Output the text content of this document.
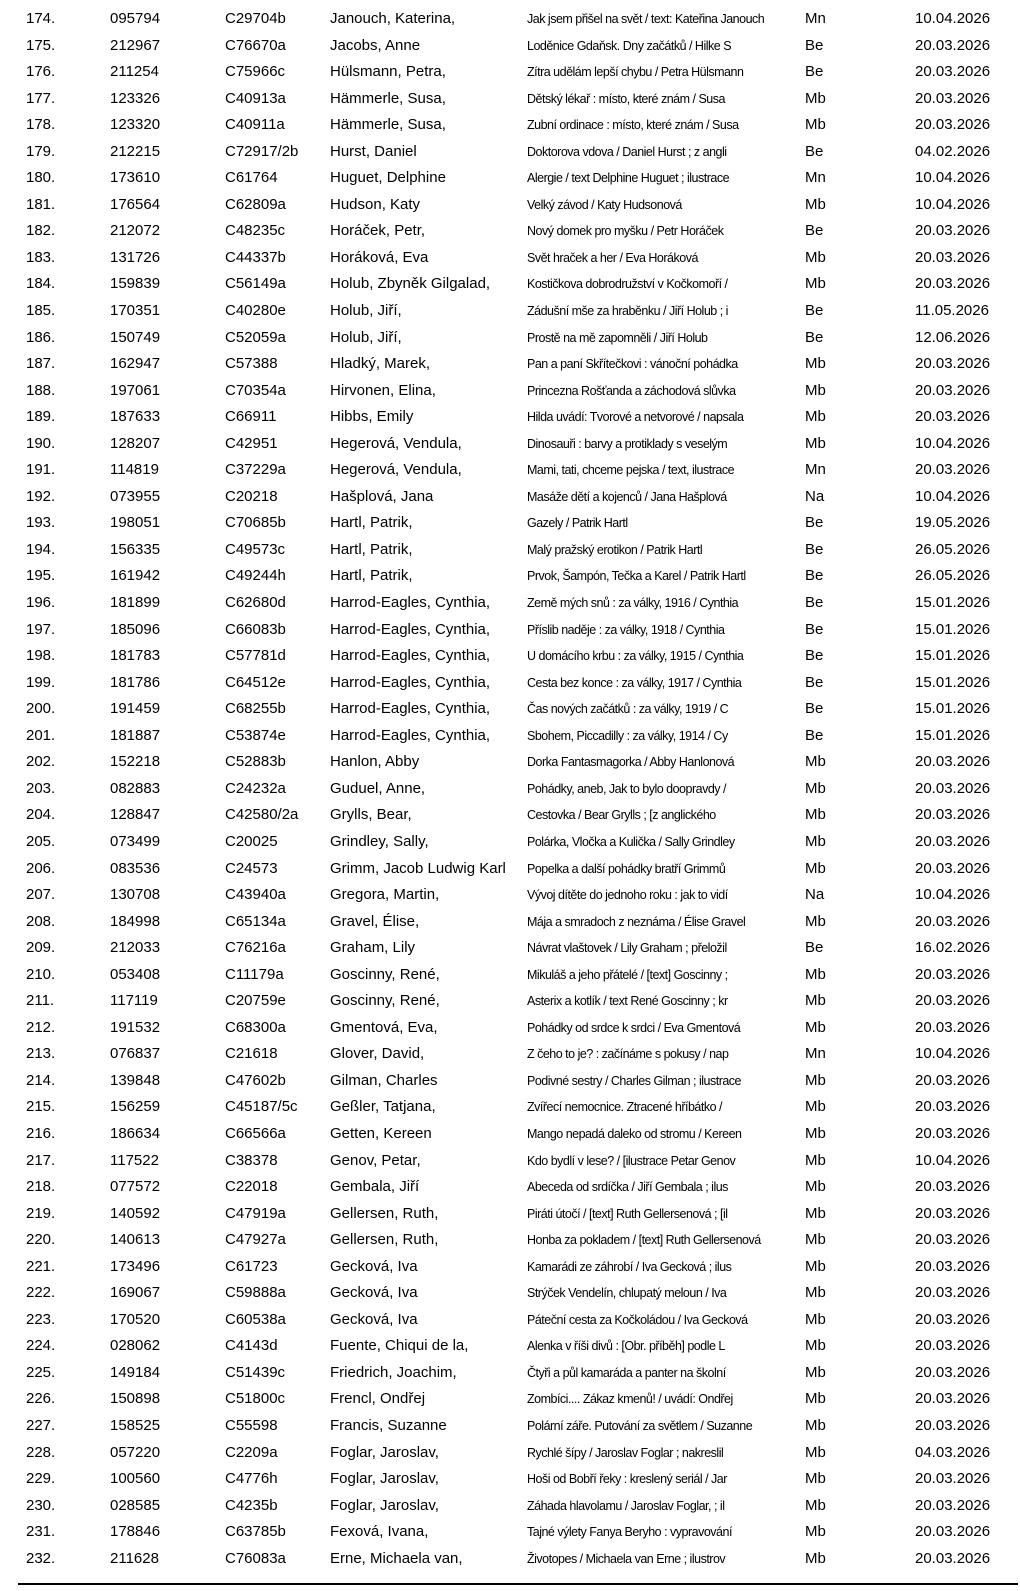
174.	095794	C29704b	Janouch, Katerina,	Jak jsem přišel na svět / text: Kateřina Janouch	Mn	10.04.2026
175.	212967	C76670a	Jacobs, Anne	Loděnice Gdaňsk. Dny začátků / Hilke S	Be	20.03.2026
176.	211254	C75966c	Hülsmann, Petra,	Zítra udělám lepší chybu / Petra Hülsmann	Be	20.03.2026
177.	123326	C40913a	Hämmerle, Susa,	Dětský lékař : místo, které znám / Susa	Mb	20.03.2026
178.	123320	C40911a	Hämmerle, Susa,	Zubní ordinace : místo, které znám / Susa	Mb	20.03.2026
179.	212215	C72917/2b	Hurst, Daniel	Doktorova vdova / Daniel Hurst ; z angli	Be	04.02.2026
180.	173610	C61764	Huguet, Delphine	Alergie / text Delphine Huguet ; ilustrace	Mn	10.04.2026
181.	176564	C62809a	Hudson, Katy	Velký závod / Katy Hudsonová	Mb	10.04.2026
182.	212072	C48235c	Horáček, Petr,	Nový domek pro myšku / Petr Horáček	Be	20.03.2026
183.	131726	C44337b	Horáková, Eva	Svět hraček a her / Eva Horáková	Mb	20.03.2026
184.	159839	C56149a	Holub, Zbyněk Gilgalad,	Kostičkova dobrodružství v Kočkomoří /	Mb	20.03.2026
185.	170351	C40280e	Holub, Jiří,	Zádušní mše za hraběnku / Jiří Holub ; i	Be	11.05.2026
186.	150749	C52059a	Holub, Jiří,	Prostě na mě zapomněli / Jiří Holub	Be	12.06.2026
187.	162947	C57388	Hladký, Marek,	Pan a paní Skřítečkovi : vánoční pohádka	Mb	20.03.2026
188.	197061	C70354a	Hirvonen, Elina,	Princezna Rošťanda a záchodová slůvka	Mb	20.03.2026
189.	187633	C66911	Hibbs, Emily	Hilda uvádí: Tvorové a netvorové / napsala	Mb	20.03.2026
190.	128207	C42951	Hegerová, Vendula,	Dinosauři : barvy a protiklady s veselým	Mb	10.04.2026
191.	114819	C37229a	Hegerová, Vendula,	Mami, tati, chceme pejska / text, ilustrace	Mn	20.03.2026
192.	073955	C20218	Hašplová, Jana	Masáže dětí a kojenců / Jana Hašplová	Na	10.04.2026
193.	198051	C70685b	Hartl, Patrik,	Gazely / Patrik Hartl	Be	19.05.2026
194.	156335	C49573c	Hartl, Patrik,	Malý pražský erotikon / Patrik Hartl	Be	26.05.2026
195.	161942	C49244h	Hartl, Patrik,	Prvok, Šampón, Tečka a Karel / Patrik Hartl	Be	26.05.2026
196.	181899	C62680d	Harrod-Eagles, Cynthia,	Země mých snů : za války, 1916 / Cynthia	Be	15.01.2026
197.	185096	C66083b	Harrod-Eagles, Cynthia,	Příslib naděje : za války, 1918 / Cynthia	Be	15.01.2026
198.	181783	C57781d	Harrod-Eagles, Cynthia,	U domácího krbu : za války, 1915 / Cynthia	Be	15.01.2026
199.	181786	C64512e	Harrod-Eagles, Cynthia,	Cesta bez konce : za války, 1917 / Cynthia	Be	15.01.2026
200.	191459	C68255b	Harrod-Eagles, Cynthia,	Čas nových začátků : za války, 1919 / C	Be	15.01.2026
201.	181887	C53874e	Harrod-Eagles, Cynthia,	Sbohem, Piccadilly : za války, 1914 / Cy	Be	15.01.2026
202.	152218	C52883b	Hanlon, Abby	Dorka Fantasmagorka / Abby Hanlonová	Mb	20.03.2026
203.	082883	C24232a	Guduel, Anne,	Pohádky, aneb, Jak to bylo doopravdy /	Mb	20.03.2026
204.	128847	C42580/2a	Grylls, Bear,	Cestovka / Bear Grylls ; [z anglického	Mb	20.03.2026
205.	073499	C20025	Grindley, Sally,	Polárka, Vločka a Kulička / Sally Grindley	Mb	20.03.2026
206.	083536	C24573	Grimm, Jacob Ludwig Karl	Popelka a další pohádky bratří Grimmů	Mb	20.03.2026
207.	130708	C43940a	Gregora, Martin,	Vývoj dítěte do jednoho roku : jak to vidí	Na	10.04.2026
208.	184998	C65134a	Gravel, Élise,	Mája a smradoch z neznáma / Élise Gravel	Mb	20.03.2026
209.	212033	C76216a	Graham, Lily	Návrat vlaštovek / Lily Graham ; přeložil	Be	16.02.2026
210.	053408	C11179a	Goscinny, René,	Mikuláš a jeho přátelé / [text] Goscinny ;	Mb	20.03.2026
211.	117119	C20759e	Goscinny, René,	Asterix a kotlík / text René Goscinny ; kr	Mb	20.03.2026
212.	191532	C68300a	Gmentová, Eva,	Pohádky od srdce k srdci / Eva Gmentová	Mb	20.03.2026
213.	076837	C21618	Glover, David,	Z čeho to je? : začínáme s pokusy / nap	Mn	10.04.2026
214.	139848	C47602b	Gilman, Charles	Podivné sestry / Charles Gilman ; ilustrace	Mb	20.03.2026
215.	156259	C45187/5c	Geßler, Tatjana,	Zvířecí nemocnice. Ztracené hříbátko /	Mb	20.03.2026
216.	186634	C66566a	Getten, Kereen	Mango nepadá daleko od stromu / Kereen	Mb	20.03.2026
217.	117522	C38378	Genov, Petar,	Kdo bydlí v lese? / [ilustrace Petar Genov	Mb	10.04.2026
218.	077572	C22018	Gembala, Jiří	Abeceda od srdíčka / Jiří Gembala ; ilus	Mb	20.03.2026
219.	140592	C47919a	Gellersen, Ruth,	Piráti útočí / [text] Ruth Gellersenová ; [il	Mb	20.03.2026
220.	140613	C47927a	Gellersen, Ruth,	Honba za pokladem / [text] Ruth Gellersenová	Mb	20.03.2026
221.	173496	C61723	Gecková, Iva	Kamarádi ze záhrobí / Iva Gecková ; ilus	Mb	20.03.2026
222.	169067	C59888a	Gecková, Iva	Strýček Vendelín, chlupatý meloun / Iva	Mb	20.03.2026
223.	170520	C60538a	Gecková, Iva	Páteční cesta za Kočkoládou / Iva Gecková	Mb	20.03.2026
224.	028062	C4143d	Fuente, Chiqui de la,	Alenka v říši divů : [Obr. příběh] podle L	Mb	20.03.2026
225.	149184	C51439c	Friedrich, Joachim,	Čtyři a půl kamaráda a panter na školní	Mb	20.03.2026
226.	150898	C51800c	Frencl, Ondřej	Zombíci.... Zákaz kmenů! / uvádí: Ondřej	Mb	20.03.2026
227.	158525	C55598	Francis, Suzanne	Polární záře. Putování za světlem / Suzanne	Mb	20.03.2026
228.	057220	C2209a	Foglar, Jaroslav,	Rychlé šípy / Jaroslav Foglar ; nakreslil	Mb	04.03.2026
229.	100560	C4776h	Foglar, Jaroslav,	Hoši od Bobří řeky : kreslený seriál / Jar	Mb	20.03.2026
230.	028585	C4235b	Foglar, Jaroslav,	Záhada hlavolamu / Jaroslav Foglar, ; il	Mb	20.03.2026
231.	178846	C63785b	Fexová, Ivana,	Tajné výlety Fanya Beryho : vypravování	Mb	20.03.2026
232.	211628	C76083a	Erne, Michaela van,	Životopes / Michaela van Erne ; ilustrov	Mb	20.03.2026
